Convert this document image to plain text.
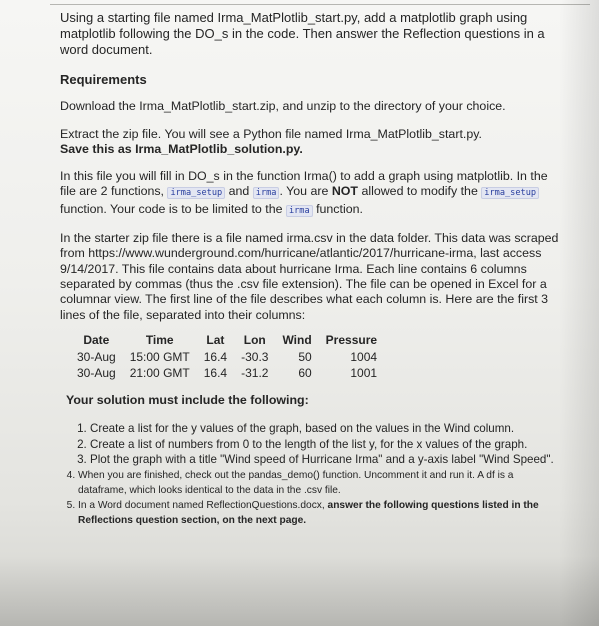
Using a starting file named Irma_MatPlotlib_start.py, add a matplotlib graph using matplotlib following the DO_s in the code. Then answer the Reflection questions in a word document.

Requirements

Download the Irma_MatPlotlib_start.zip, and unzip to the directory of your choice.

Extract the zip file. You will see a Python file named Irma_MatPlotlib_start.py.

Save this as Irma_MatPlotlib_solution.py.

In this file you will fill in DO_s in the function Irma() to add a graph using matplotlib. In the file are 2 functions, irma_setup and irma . You are NOT allowed to modify the irma_setup function. Your code is to be limited to the irma function.

In the starter zip file there is a file named irma.csv in the data folder. This data was scraped from https://www.wunderground.com/hurricane/atlantic/2017/hurricane-irma, last access 9/14/2017. This file contains data about hurricane Irma. Each line contains 6 columns separated by commas (thus the .csv file extension). The file can be opened in Excel for a columnar view. The first line of the file describes what each column is. Here are the first 3 lines of the file, separated into their columns:

Date	Time	Lat	Lon	Wind	Pressure
30-Aug	15:00 GMT	16.4	-30.3	50	1004
30-Aug	21:00 GMT	16.4	-31.2	60	1001

Your solution must include the following:

1. Create a list for the y values of the graph, based on the values in the Wind column.
2. Create a list of numbers from 0 to the length of the list y, for the x values of the graph.
3. Plot the graph with a title "Wind speed of Hurricane Irma" and a y-axis label "Wind Speed".
4. When you are finished, check out the pandas_demo() function. Uncomment it and run it. A df is a dataframe, which looks identical to the data in the .csv file.
5. In a Word document named ReflectionQuestions.docx, answer the following questions listed in the Reflections question section, on the next page.
